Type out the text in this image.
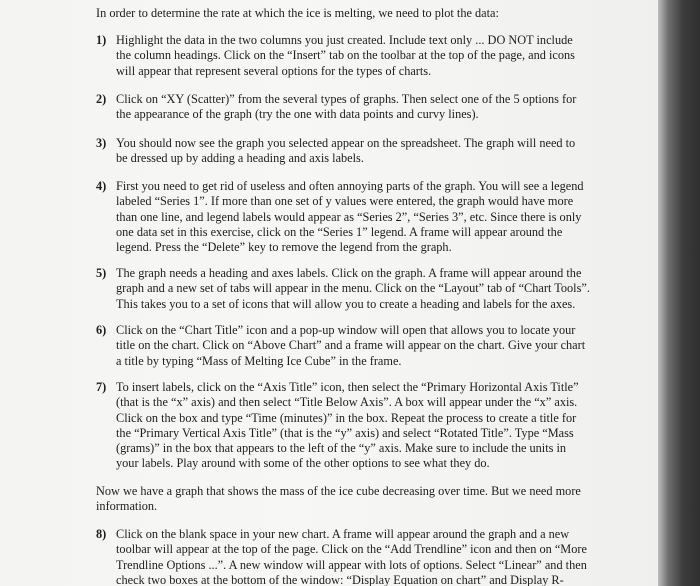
In order to determine the rate at which the ice is melting, we need to plot the data:
1) Highlight the data in the two columns you just created. Include text only ... DO NOT include
the column headings. Click on the “Insert” tab on the toolbar at the top of the page, and icons
will appear that represent several options for the types of charts.
2) Click on “XY (Scatter)” from the several types of graphs. Then select one of the 5 options for
the appearance of the graph (try the one with data points and curvy lines).
3) You should now see the graph you selected appear on the spreadsheet. The graph will need to
be dressed up by adding a heading and axis labels.
4) First you need to get rid of useless and often annoying parts of the graph. You will see a legend
labeled “Series 1”. If more than one set of y values were entered, the graph would have more
than one line, and legend labels would appear as “Series 2”, “Series 3”, etc. Since there is only
one data set in this exercise, click on the “Series 1” legend. A frame will appear around the
legend. Press the “Delete” key to remove the legend from the graph.
5) The graph needs a heading and axes labels. Click on the graph. A frame will appear around the
graph and a new set of tabs will appear in the menu. Click on the “Layout” tab of “Chart Tools”.
This takes you to a set of icons that will allow you to create a heading and labels for the axes.
6) Click on the “Chart Title” icon and a pop-up window will open that allows you to locate your
title on the chart. Click on “Above Chart” and a frame will appear on the chart. Give your chart
a title by typing “Mass of Melting Ice Cube” in the frame.
7) To insert labels, click on the “Axis Title” icon, then select the “Primary Horizontal Axis Title”
(that is the “x” axis) and then select “Title Below Axis”. A box will appear under the “x” axis.
Click on the box and type “Time (minutes)” in the box. Repeat the process to create a title for
the “Primary Vertical Axis Title” (that is the “y” axis) and select “Rotated Title”. Type “Mass
(grams)” in the box that appears to the left of the “y” axis. Make sure to include the units in
your labels. Play around with some of the other options to see what they do.
Now we have a graph that shows the mass of the ice cube decreasing over time. But we need more
information.
8) Click on the blank space in your new chart. A frame will appear around the graph and a new
toolbar will appear at the top of the page. Click on the “Add Trendline” icon and then on “More
Trendline Options ...”. A new window will appear with lots of options. Select “Linear” and then
check two boxes at the bottom of the window: “Display Equation on chart” and Display R-
